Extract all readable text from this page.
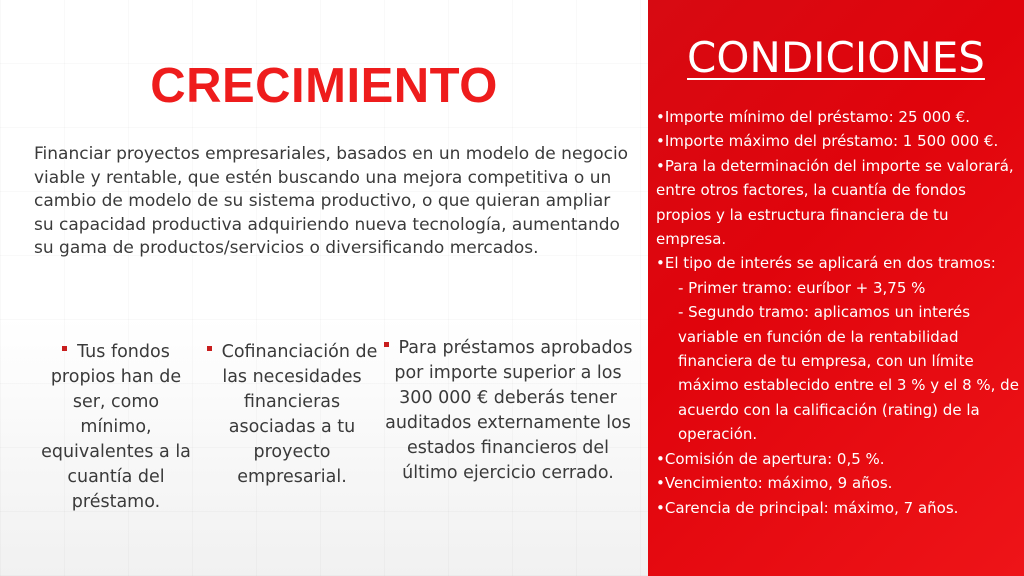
CRECIMIENTO

Financiar proyectos empresariales, basados en un modelo de negocio viable y rentable, que estén buscando una mejora competitiva o un cambio de modelo de su sistema productivo, o que quieran ampliar su capacidad productiva adquiriendo nueva tecnología, aumentando su gama de productos/servicios o diversificando mercados.

Tus fondos propios han de ser, como mínimo, equivalentes a la cuantía del préstamo.
Cofinanciación de las necesidades financieras asociadas a tu proyecto empresarial.
Para préstamos aprobados por importe superior a los 300 000 € deberás tener auditados externamente los estados financieros del último ejercicio cerrado.
CONDICIONES
•Importe mínimo del préstamo: 25 000 €.
•Importe máximo del préstamo: 1 500 000 €.
•Para la determinación del importe se valorará, entre otros factores, la cuantía de fondos propios y la estructura financiera de tu empresa.
•El tipo de interés se aplicará en dos tramos:
- Primer tramo: euríbor + 3,75 %
- Segundo tramo: aplicamos un interés variable en función de la rentabilidad financiera de tu empresa, con un límite máximo establecido entre el 3 % y el 8 %, de acuerdo con la calificación (rating) de la operación.
•Comisión de apertura: 0,5 %.
•Vencimiento: máximo, 9 años.
•Carencia de principal: máximo, 7 años.
